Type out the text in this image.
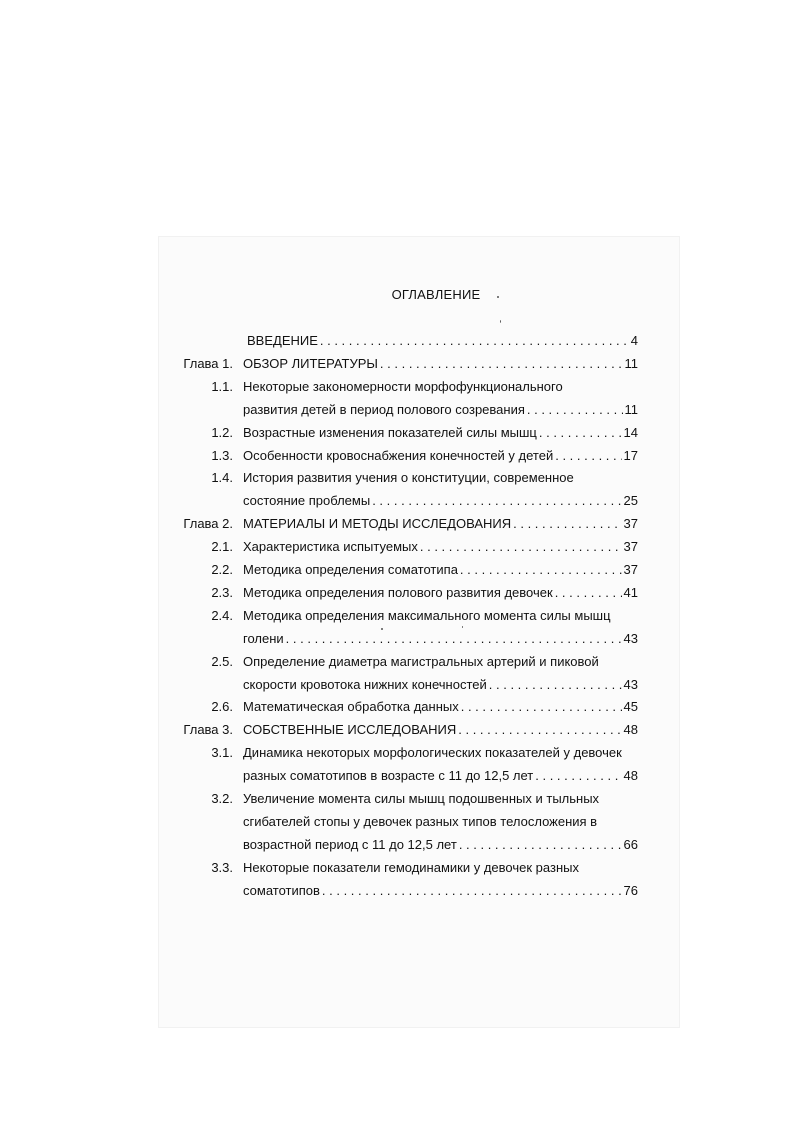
ОГЛАВЛЕНИЕ
ВВЕДЕНИЕ . . .	4
Глава 1. ОБЗОР ЛИТЕРАТУРЫ . . .	11
1.1. Некоторые закономерности морфофункционального
развития детей в период полового созревания . . .	11
1.2. Возрастные изменения показателей силы мышц . . .	14
1.3. Особенности кровоснабжения конечностей у детей . . .	17
1.4. История развития учения о конституции, современное
состояние проблемы . . .	25
Глава 2. МАТЕРИАЛЫ И МЕТОДЫ ИССЛЕДОВАНИЯ . . .	37
2.1. Характеристика испытуемых . . .	37
2.2. Методика определения соматотипа . . .	37
2.3. Методика определения полового развития девочек . . .	41
2.4. Методика определения максимального момента силы мышц
голени . . .	43
2.5. Определение диаметра магистральных артерий и пиковой
скорости кровотока нижних конечностей . . .	43
2.6. Математическая обработка данных . . .	45
Глава 3. СОБСТВЕННЫЕ ИССЛЕДОВАНИЯ . . .	48
3.1. Динамика некоторых морфологических показателей у девочек
разных соматотипов в возрасте с 11 до 12,5 лет . . .	48
3.2. Увеличение момента силы мышц подошвенных и тыльных
сгибателей стопы у девочек разных типов телосложения в
возрастной период с 11 до 12,5 лет . . .	66
3.3. Некоторые показатели гемодинамики у девочек разных
соматотипов . . .	76
